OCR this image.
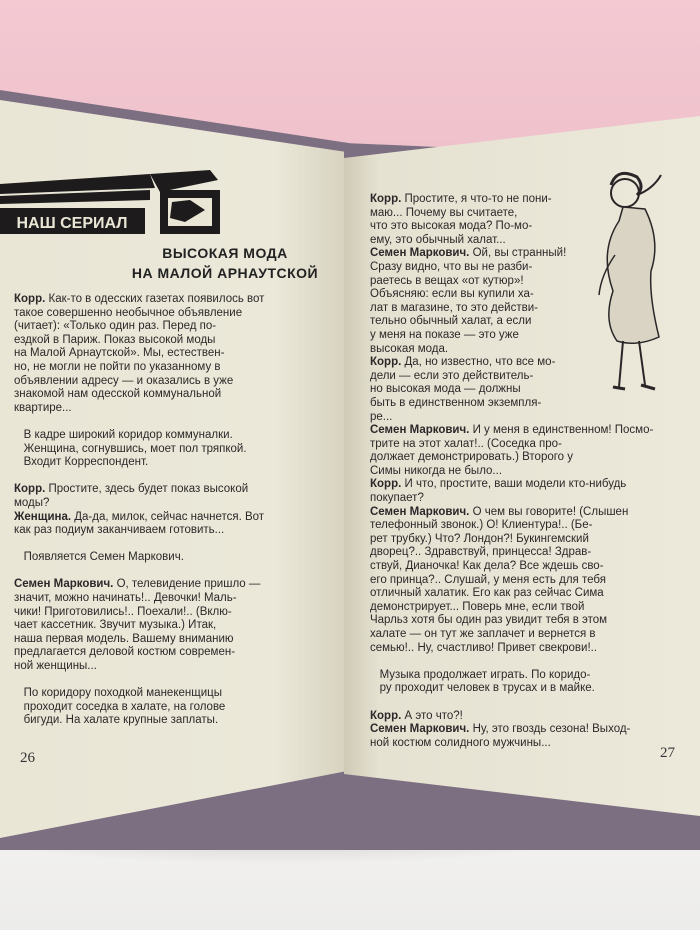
НАШ СЕРИАЛ
ВЫСОКАЯ МОДА
НА МАЛОЙ АРНАУТСКОЙ
Корр. Как-то в одесских газетах появилось вот
такое совершенно необычное объявление
(читает): «Только один раз. Перед по-
ездкой в Париж. Показ высокой моды
на Малой Арнаутской». Мы, естествен-
но, не могли не пойти по указанному в
объявлении адресу — и оказались в уже
знакомой нам одесской коммунальной
квартире...

В кадре широкий коридор коммуналки.
Женщина, согнувшись, моет пол тряпкой.
Входит Корреспондент.

Корр. Простите, здесь будет показ высокой
моды?
Женщина. Да-да, милок, сейчас начнется. Вот
как раз подиум заканчиваем готовить...

Появляется Семен Маркович.

Семен Маркович. О, телевидение пришло —
значит, можно начинать!.. Девочки! Маль-
чики! Приготовились!.. Поехали!.. (Вклю-
чает кассетник. Звучит музыка.) Итак,
наша первая модель. Вашему вниманию
предлагается деловой костюм современ-
ной женщины...

По коридору походкой манекенщицы
проходит соседка в халате, на голове
бигуди. На халате крупные заплаты.
Корр. Простите, я что-то не пони-
маю... Почему вы считаете,
что это высокая мода? По-мо-
ему, это обычный халат...
Семен Маркович. Ой, вы странный!
Сразу видно, что вы не разби-
раетесь в вещах «от кутюр»!
Объясняю: если вы купили ха-
лат в магазине, то это действи-
тельно обычный халат, а если
у меня на показе — это уже
высокая мода.
Корр. Да, но известно, что все мо-
дели — если это действитель-
но высокая мода — должны
быть в единственном экземпля-
ре...
Семен Маркович. И у меня в единственном! Посмо-
трите на этот халат!.. (Соседка про-
должает демонстрировать.) Второго у
Симы никогда не было...
Корр. И что, простите, ваши модели кто-нибудь
покупает?
Семен Маркович. О чем вы говорите! (Слышен
телефонный звонок.) О! Клиентура!.. (Бе-
рет трубку.) Что? Лондон?! Букингемский
дворец?.. Здравствуй, принцесса! Здрав-
ствуй, Дианочка! Как дела? Все ждешь сво-
его принца?.. Слушай, у меня есть для тебя
отличный халатик. Его как раз сейчас Сима
демонстрирует... Поверь мне, если твой
Чарльз хотя бы один раз увидит тебя в этом
халате — он тут же заплачет и вернется в
семью!.. Ну, счастливо! Привет свекрови!..

Музыка продолжает играть. По коридо-
ру проходит человек в трусах и в майке.

Корр. А это что?!
Семен Маркович. Ну, это гвоздь сезона! Выход-
ной костюм солидного мужчины...
26	27
